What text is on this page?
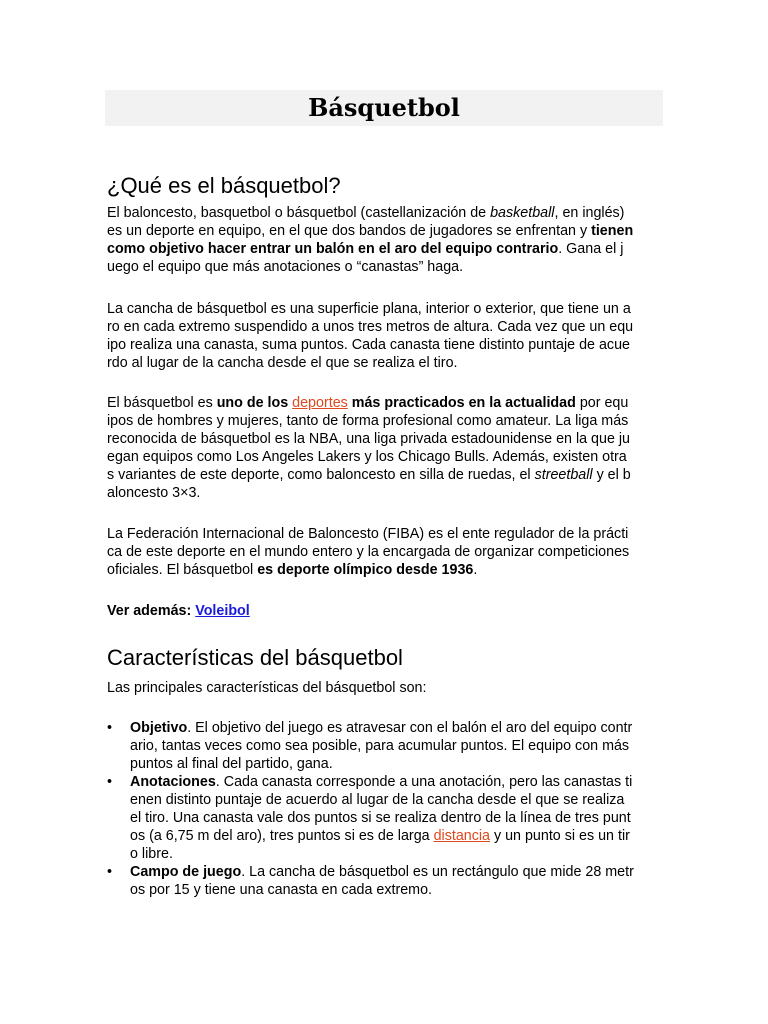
Básquetbol
¿Qué es el básquetbol?
El baloncesto, basquetbol o básquetbol (castellanización de basketball, en inglés)
es un deporte en equipo, en el que dos bandos de jugadores se enfrentan y tienen
como objetivo hacer entrar un balón en el aro del equipo contrario. Gana el j
uego el equipo que más anotaciones o “canastas” haga.
La cancha de básquetbol es una superficie plana, interior o exterior, que tiene un a
ro en cada extremo suspendido a unos tres metros de altura. Cada vez que un equ
ipo realiza una canasta, suma puntos. Cada canasta tiene distinto puntaje de acue
rdo al lugar de la cancha desde el que se realiza el tiro.
El básquetbol es uno de los deportes más practicados en la actualidad por equ
ipos de hombres y mujeres, tanto de forma profesional como amateur. La liga más
reconocida de básquetbol es la NBA, una liga privada estadounidense en la que ju
egan equipos como Los Angeles Lakers y los Chicago Bulls. Además, existen otra
s variantes de este deporte, como baloncesto en silla de ruedas, el streetball y el b
aloncesto 3×3.
La Federación Internacional de Baloncesto (FIBA) es el ente regulador de la prácti
ca de este deporte en el mundo entero y la encargada de organizar competiciones
oficiales. El básquetbol es deporte olímpico desde 1936.
Ver además: Voleibol
Características del básquetbol
Las principales características del básquetbol son:
•	Objetivo. El objetivo del juego es atravesar con el balón el aro del equipo contr
ario, tantas veces como sea posible, para acumular puntos. El equipo con más
puntos al final del partido, gana.
•	Anotaciones. Cada canasta corresponde a una anotación, pero las canastas ti
enen distinto puntaje de acuerdo al lugar de la cancha desde el que se realiza
el tiro. Una canasta vale dos puntos si se realiza dentro de la línea de tres punt
os (a 6,75 m del aro), tres puntos si es de larga distancia y un punto si es un tir
o libre.
•	Campo de juego. La cancha de básquetbol es un rectángulo que mide 28 metr
os por 15 y tiene una canasta en cada extremo.
